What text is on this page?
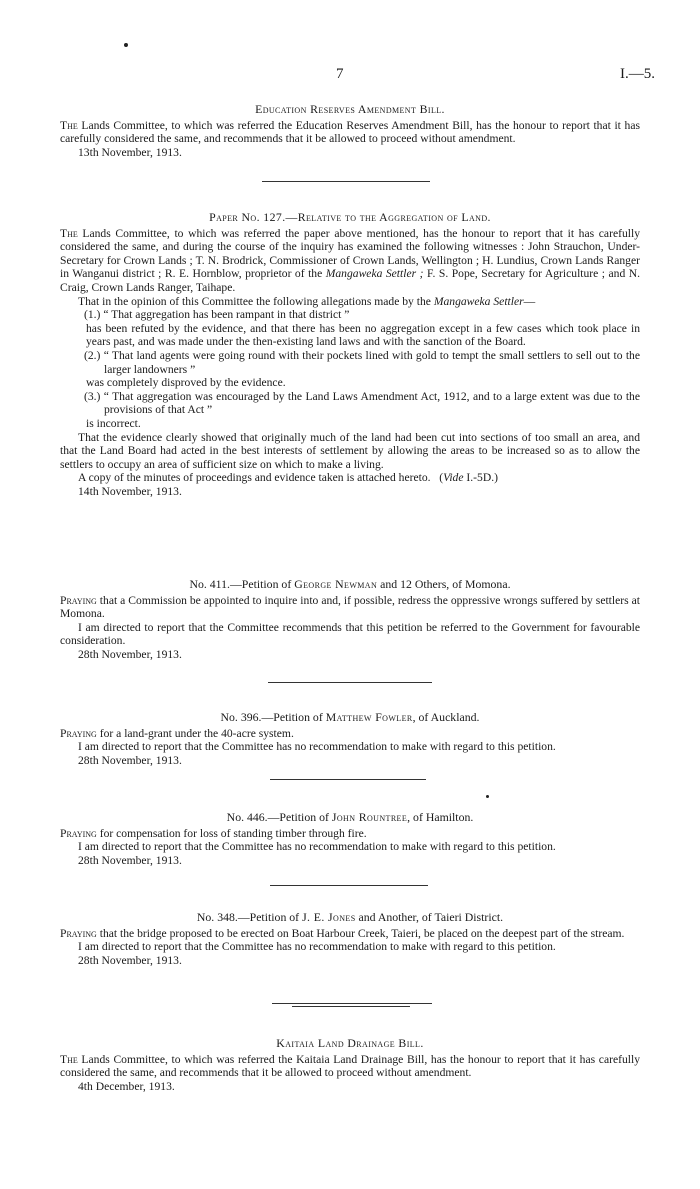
7	I.—5.
Education Reserves Amendment Bill.

The Lands Committee, to which was referred the Education Reserves Amendment Bill, has the honour to report that it has carefully considered the same, and recommends that it be allowed to proceed without amendment.

13th November, 1913.
Paper No. 127.—Relative to the Aggregation of Land.

The Lands Committee, to which was referred the paper above mentioned, has the honour to report that it has carefully considered the same, and during the course of the inquiry has examined the following witnesses : John Strauchon, Under-Secretary for Crown Lands ; T. N. Brodrick, Commissioner of Crown Lands, Wellington ; H. Lundius, Crown Lands Ranger in Wanganui district ; R. E. Hornblow, proprietor of the Mangaweka Settler ; F. S. Pope, Secretary for Agriculture ; and N. Craig, Crown Lands Ranger, Taihape.

That in the opinion of this Committee the following allegations made by the Mangaweka Settler—

(1.) “ That aggregation has been rampant in that district ”
has been refuted by the evidence, and that there has been no aggregation except in a few cases which took place in years past, and was made under the then-existing land laws and with the sanction of the Board.
(2.) “ That land agents were going round with their pockets lined with gold to tempt the small settlers to sell out to the larger landowners ”
was completely disproved by the evidence.
(3.) “ That aggregation was encouraged by the Land Laws Amendment Act, 1912, and to a large extent was due to the provisions of that Act ”
is incorrect.

That the evidence clearly showed that originally much of the land had been cut into sections of too small an area, and that the Land Board had acted in the best interests of settlement by allowing the areas to be increased so as to allow the settlers to occupy an area of sufficient size on which to make a living.

A copy of the minutes of proceedings and evidence taken is attached hereto. (Vide I.-5D.)

14th November, 1913.
No. 411.—Petition of George Newman and 12 Others, of Momona.

Praying that a Commission be appointed to inquire into and, if possible, redress the oppressive wrongs suffered by settlers at Momona.

I am directed to report that the Committee recommends that this petition be referred to the Government for favourable consideration.

28th November, 1913.
No. 396.—Petition of Matthew Fowler, of Auckland.

Praying for a land-grant under the 40-acre system.

I am directed to report that the Committee has no recommendation to make with regard to this petition.

28th November, 1913.
No. 446.—Petition of John Rountree, of Hamilton.

Praying for compensation for loss of standing timber through fire.

I am directed to report that the Committee has no recommendation to make with regard to this petition.

28th November, 1913.
No. 348.—Petition of J. E. Jones and Another, of Taieri District.

Praying that the bridge proposed to be erected on Boat Harbour Creek, Taieri, be placed on the deepest part of the stream.

I am directed to report that the Committee has no recommendation to make with regard to this petition.

28th November, 1913.
Kaitaia Land Drainage Bill.

The Lands Committee, to which was referred the Kaitaia Land Drainage Bill, has the honour to report that it has carefully considered the same, and recommends that it be allowed to proceed without amendment.

4th December, 1913.
